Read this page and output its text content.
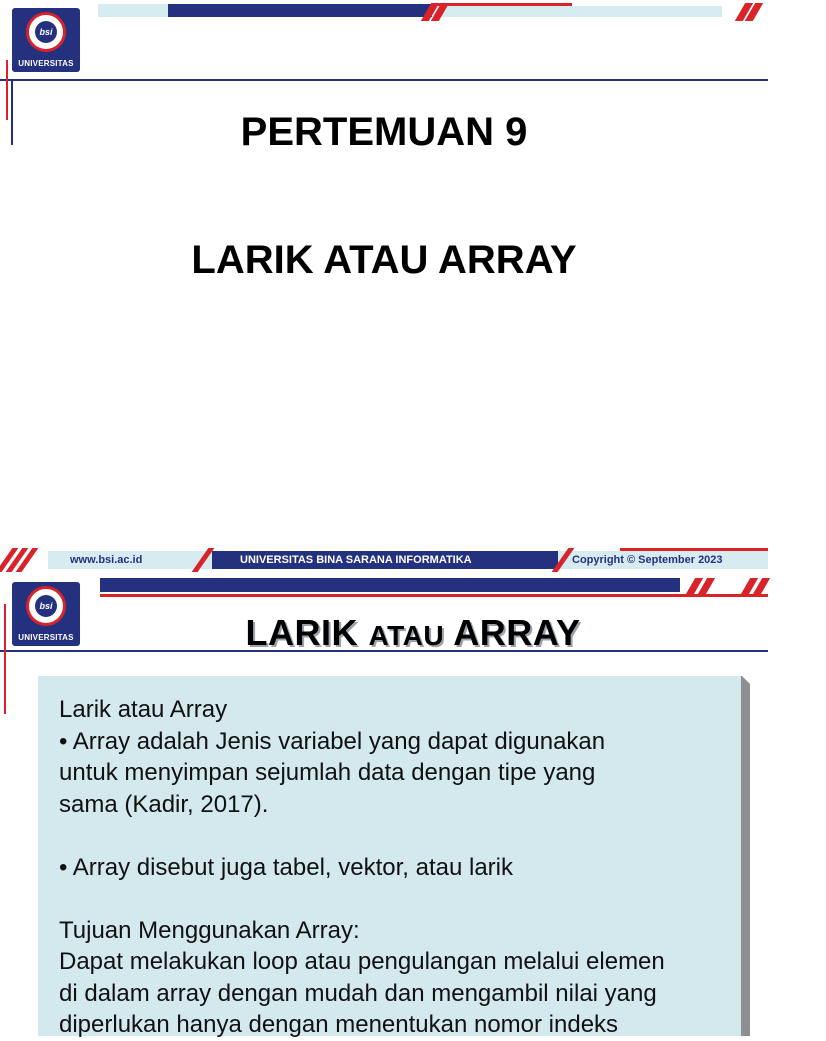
bsi
UNIVERSITAS
PERTEMUAN 9
LARIK ATAU ARRAY
www.bsi.ac.id	UNIVERSITAS BINA SARANA INFORMATIKA	Copyright © September 2023
bsi
UNIVERSITAS	LARIK ATAU ARRAY

Larik atau Array

• Array adalah Jenis variabel yang dapat digunakan

untuk menyimpan sejumlah data dengan tipe yang

sama (Kadir, 2017).

• Array disebut juga tabel, vektor, atau larik

Tujuan Menggunakan Array:

Dapat melakukan loop atau pengulangan melalui elemen

di dalam array dengan mudah dan mengambil nilai yang

diperlukan hanya dengan menentukan nomor indeks
